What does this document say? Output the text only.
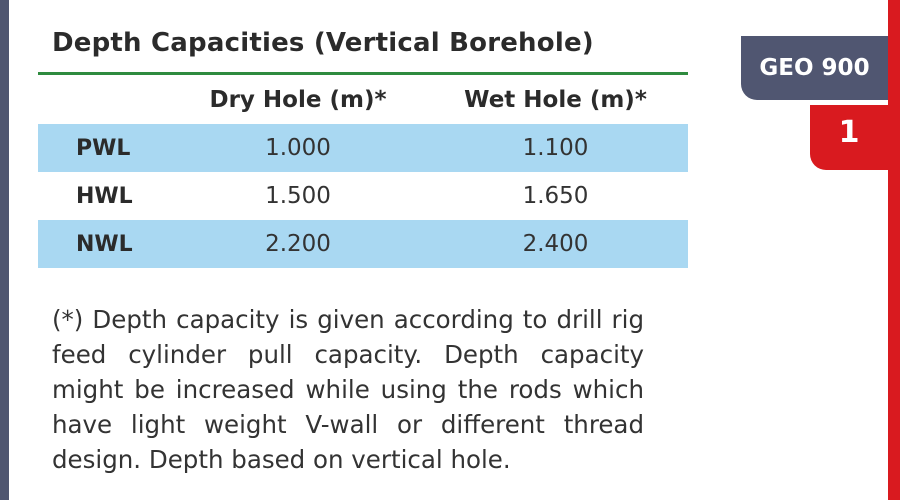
Depth Capacities (Vertical Borehole)
	Dry Hole (m)*	Wet Hole (m)*
PWL	1.000	1.100
HWL	1.500	1.650
NWL	2.200	2.400

(*) Depth capacity is given according to drill rig feed cylinder pull capacity. Depth capacity might be increased while using the rods which have light weight V-wall or different thread design. Depth based on vertical hole.

GEO 900
1
